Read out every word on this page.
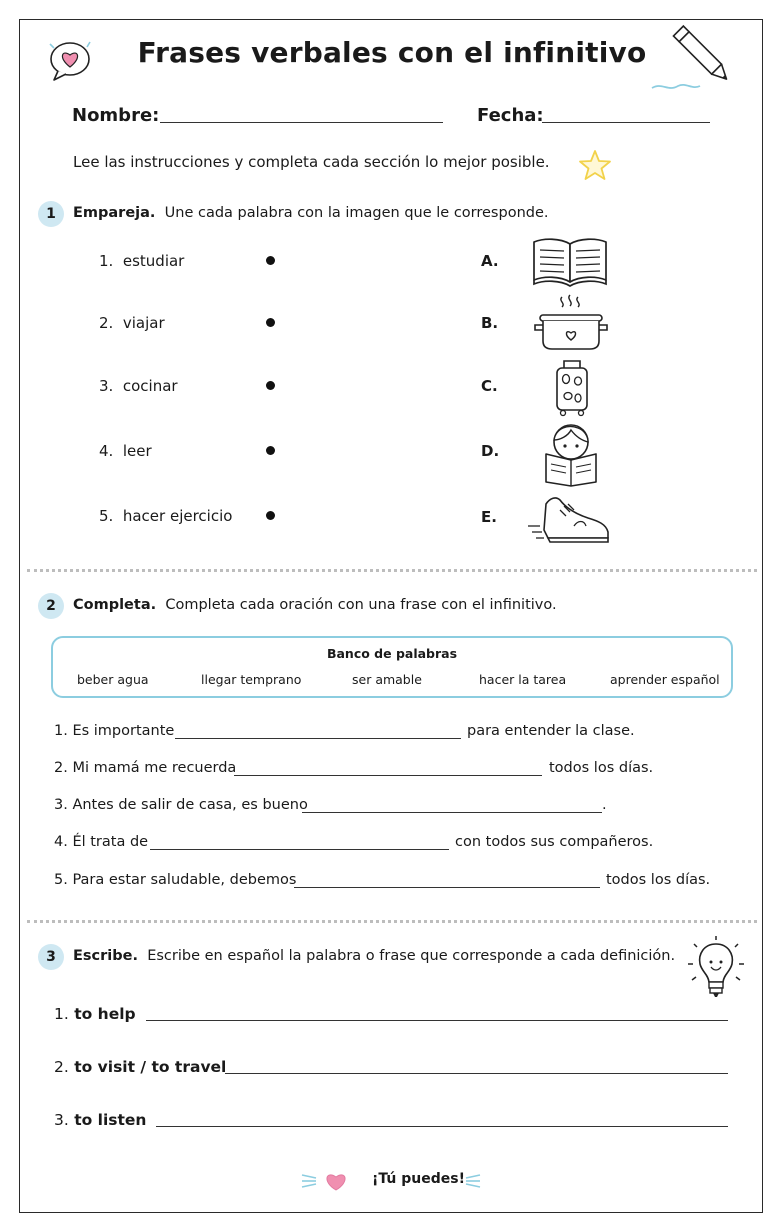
Frases verbales con el infinitivo
Nombre:	Fecha:
Lee las instrucciones y completa cada sección lo mejor posible.
1	Empareja. Une cada palabra con la imagen que le corresponde.
1. estudiar	A.
2. viajar	B.
3. cocinar	C.
4. leer	D.
5. hacer ejercicio	E.
2	Completa. Completa cada oración con una frase con el infinitivo.
Banco de palabras
beber agua	llegar temprano	ser amable	hacer la tarea	aprender español
1. Es importante	para entender la clase.
2. Mi mamá me recuerda	todos los días.
3. Antes de salir de casa, es bueno	.
4. Él trata de	con todos sus compañeros.
5. Para estar saludable, debemos	todos los días.
3	Escribe. Escribe en español la palabra o frase que corresponde a cada definición.
1. to help
2. to visit / to travel
3. to listen
¡Tú puedes!
